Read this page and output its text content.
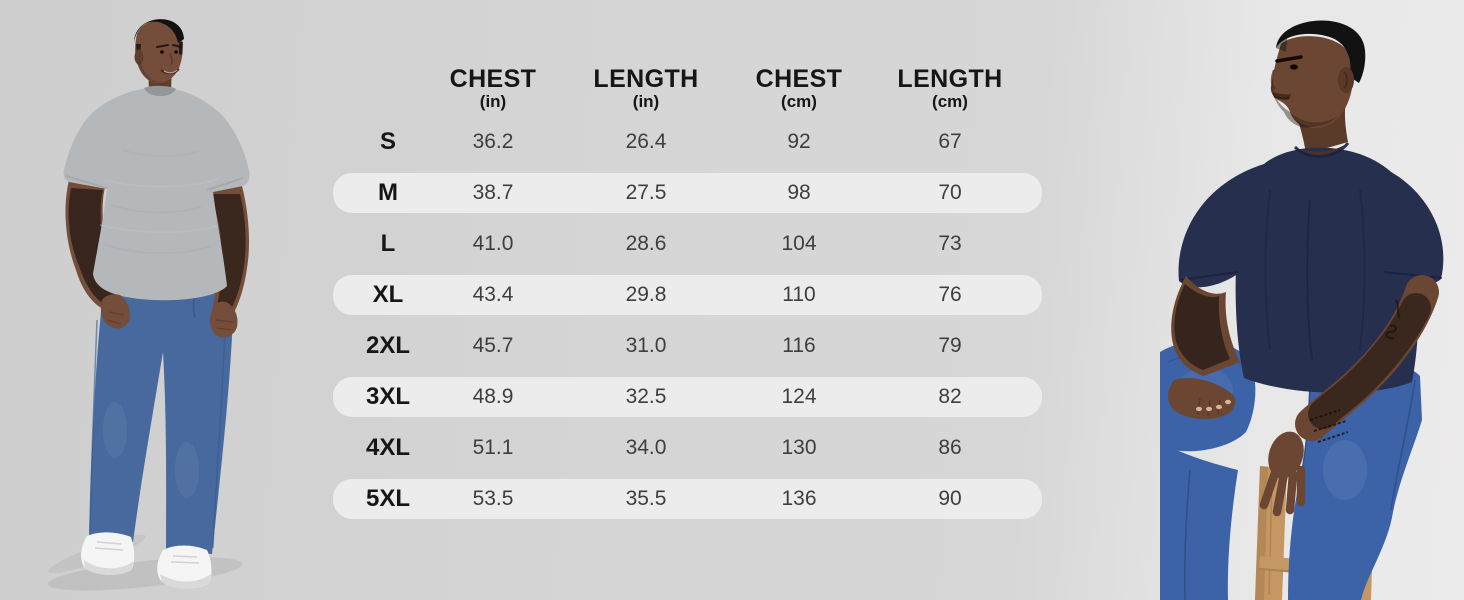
CHEST
(in)
LENGTH
(in)
CHEST
(cm)
LENGTH
(cm)
S	36.2	26.4	92	67
M	38.7	27.5	98	70
L	41.0	28.6	104	73
XL	43.4	29.8	110	76
2XL	45.7	31.0	116	79
3XL	48.9	32.5	124	82
4XL	51.1	34.0	130	86
5XL	53.5	35.5	136	90
